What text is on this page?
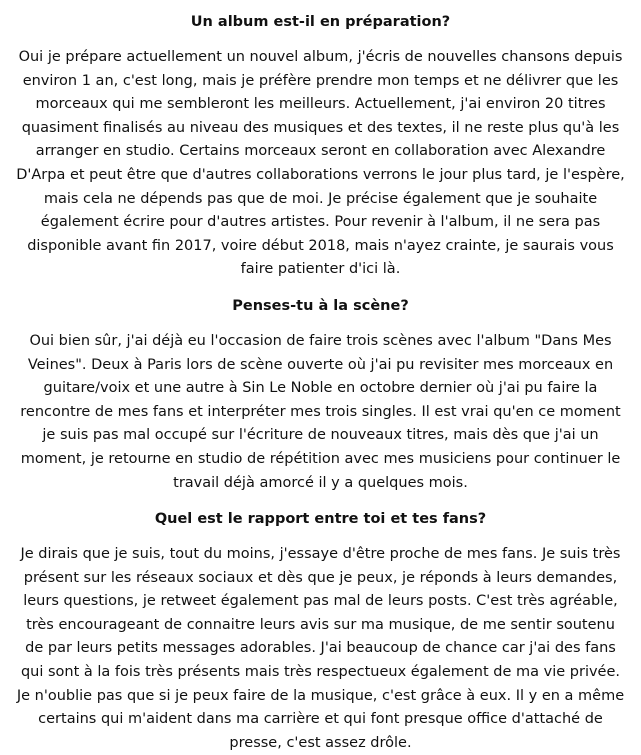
Un album est-il en préparation?

Oui je prépare actuellement un nouvel album, j'écris de nouvelles chansons depuis environ 1 an, c'est long, mais je préfère prendre mon temps et ne délivrer que les morceaux qui me sembleront les meilleurs. Actuellement, j'ai environ 20 titres quasiment finalisés au niveau des musiques et des textes, il ne reste plus qu'à les arranger en studio. Certains morceaux seront en collaboration avec Alexandre D'Arpa et peut être que d'autres collaborations verrons le jour plus tard, je l'espère, mais cela ne dépends pas que de moi. Je précise également que je souhaite également écrire pour d'autres artistes. Pour revenir à l'album, il ne sera pas disponible avant fin 2017, voire début 2018, mais n'ayez crainte, je saurais vous faire patienter d'ici là.

Penses-tu à la scène?

Oui bien sûr, j'ai déjà eu l'occasion de faire trois scènes avec l'album "Dans Mes Veines". Deux à Paris lors de scène ouverte où j'ai pu revisiter mes morceaux en guitare/voix et une autre à Sin Le Noble en octobre dernier où j'ai pu faire la rencontre de mes fans et interpréter mes trois singles. Il est vrai qu'en ce moment je suis pas mal occupé sur l'écriture de nouveaux titres, mais dès que j'ai un moment, je retourne en studio de répétition avec mes musiciens pour continuer le travail déjà amorcé il y a quelques mois.

Quel est le rapport entre toi et tes fans?

Je dirais que je suis, tout du moins, j'essaye d'être proche de mes fans. Je suis très présent sur les réseaux sociaux et dès que je peux, je réponds à leurs demandes, leurs questions, je retweet également pas mal de leurs posts. C'est très agréable, très encourageant de connaitre leurs avis sur ma musique, de me sentir soutenu de par leurs petits messages adorables. J'ai beaucoup de chance car j'ai des fans qui sont à la fois très présents mais très respectueux également de ma vie privée. Je n'oublie pas que si je peux faire de la musique, c'est grâce à eux. Il y en a même certains qui m'aident dans ma carrière et qui font presque office d'attaché de presse, c'est assez drôle.
